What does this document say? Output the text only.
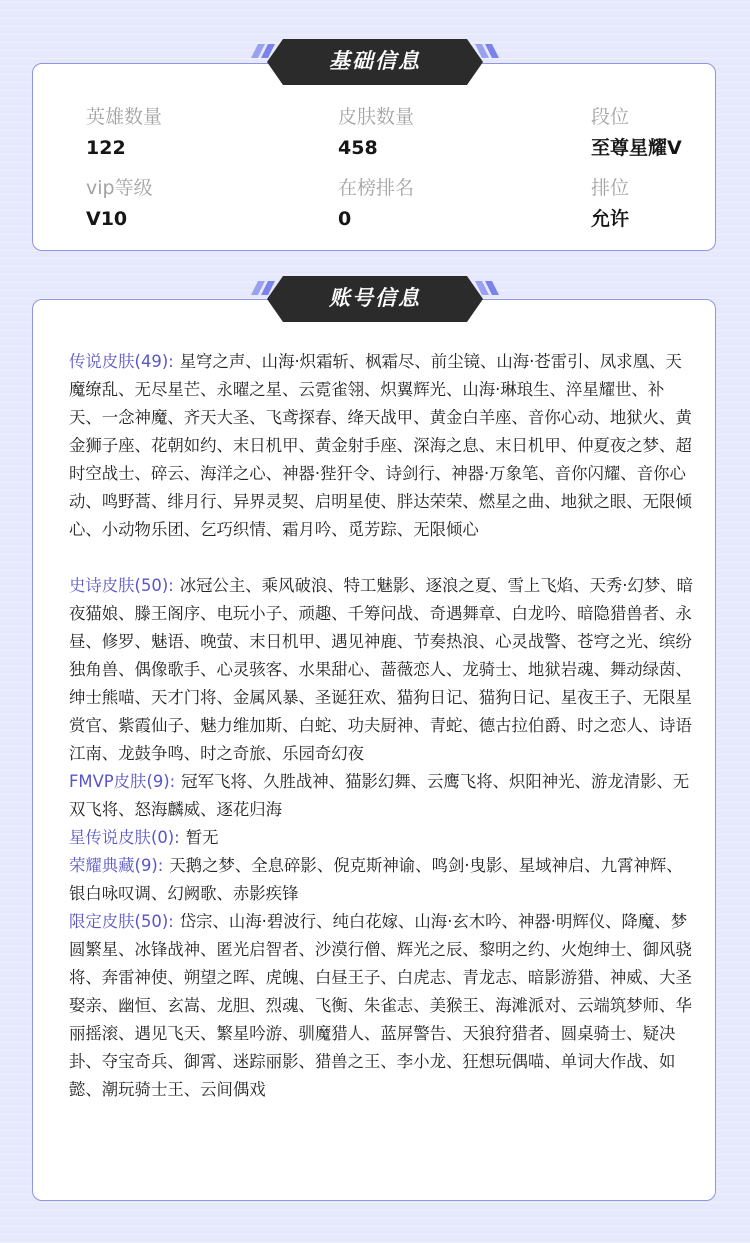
英雄数量
122
皮肤数量
458
段位
至尊星耀V
vip等级
V10
在榜排名
0
排位
允许
基础信息

传说皮肤(49): 星穹之声、山海·炽霜斩、枫霜尽、前尘镜、山海·苍雷引、凤求凰、天魔缭乱、无尽星芒、永曜之星、云霓雀翎、炽翼辉光、山海·琳琅生、淬星耀世、补天、一念神魔、齐天大圣、飞鸢探春、绛天战甲、黄金白羊座、音你心动、地狱火、黄金狮子座、花朝如约、末日机甲、黄金射手座、深海之息、末日机甲、仲夏夜之梦、超时空战士、碎云、海洋之心、神器·狴犴令、诗剑行、神器·万象笔、音你闪耀、音你心动、鸣野蒿、绯月行、异界灵契、启明星使、胖达荣荣、燃星之曲、地狱之眼、无限倾心、小动物乐团、乞巧织情、霜月吟、觅芳踪、无限倾心

史诗皮肤(50): 冰冠公主、乘风破浪、特工魅影、逐浪之夏、雪上飞焰、天秀·幻梦、暗夜猫娘、滕王阁序、电玩小子、顽趣、千筹问战、奇遇舞章、白龙吟、暗隐猎兽者、永昼、修罗、魅语、晚萤、末日机甲、遇见神鹿、节奏热浪、心灵战警、苍穹之光、缤纷独角兽、偶像歌手、心灵骇客、水果甜心、蔷薇恋人、龙骑士、地狱岩魂、舞动绿茵、绅士熊喵、天才门将、金属风暴、圣诞狂欢、猫狗日记、猫狗日记、星夜王子、无限星赏官、紫霞仙子、魅力维加斯、白蛇、功夫厨神、青蛇、德古拉伯爵、时之恋人、诗语江南、龙鼓争鸣、时之奇旅、乐园奇幻夜

FMVP皮肤(9): 冠军飞将、久胜战神、猫影幻舞、云鹰飞将、炽阳神光、游龙清影、无双飞将、怒海麟威、逐花归海

星传说皮肤(0): 暂无

荣耀典藏(9): 天鹅之梦、全息碎影、倪克斯神谕、鸣剑·曳影、星域神启、九霄神辉、银白咏叹调、幻阙歌、赤影疾锋

限定皮肤(50): 岱宗、山海·碧波行、纯白花嫁、山海·玄木吟、神器·明辉仪、降魔、梦圆繁星、冰锋战神、匿光启智者、沙漠行僧、辉光之辰、黎明之约、火炮绅士、御风骁将、奔雷神使、朔望之晖、虎魄、白昼王子、白虎志、青龙志、暗影游猎、神威、大圣娶亲、幽恒、玄嵩、龙胆、烈魂、飞衡、朱雀志、美猴王、海滩派对、云端筑梦师、华丽摇滚、遇见飞天、繁星吟游、驯魔猎人、蓝屏警告、天狼狩猎者、圆桌骑士、疑决卦、夺宝奇兵、御霄、迷踪丽影、猎兽之王、李小龙、狂想玩偶喵、单词大作战、如懿、潮玩骑士王、云间偶戏

账号信息
